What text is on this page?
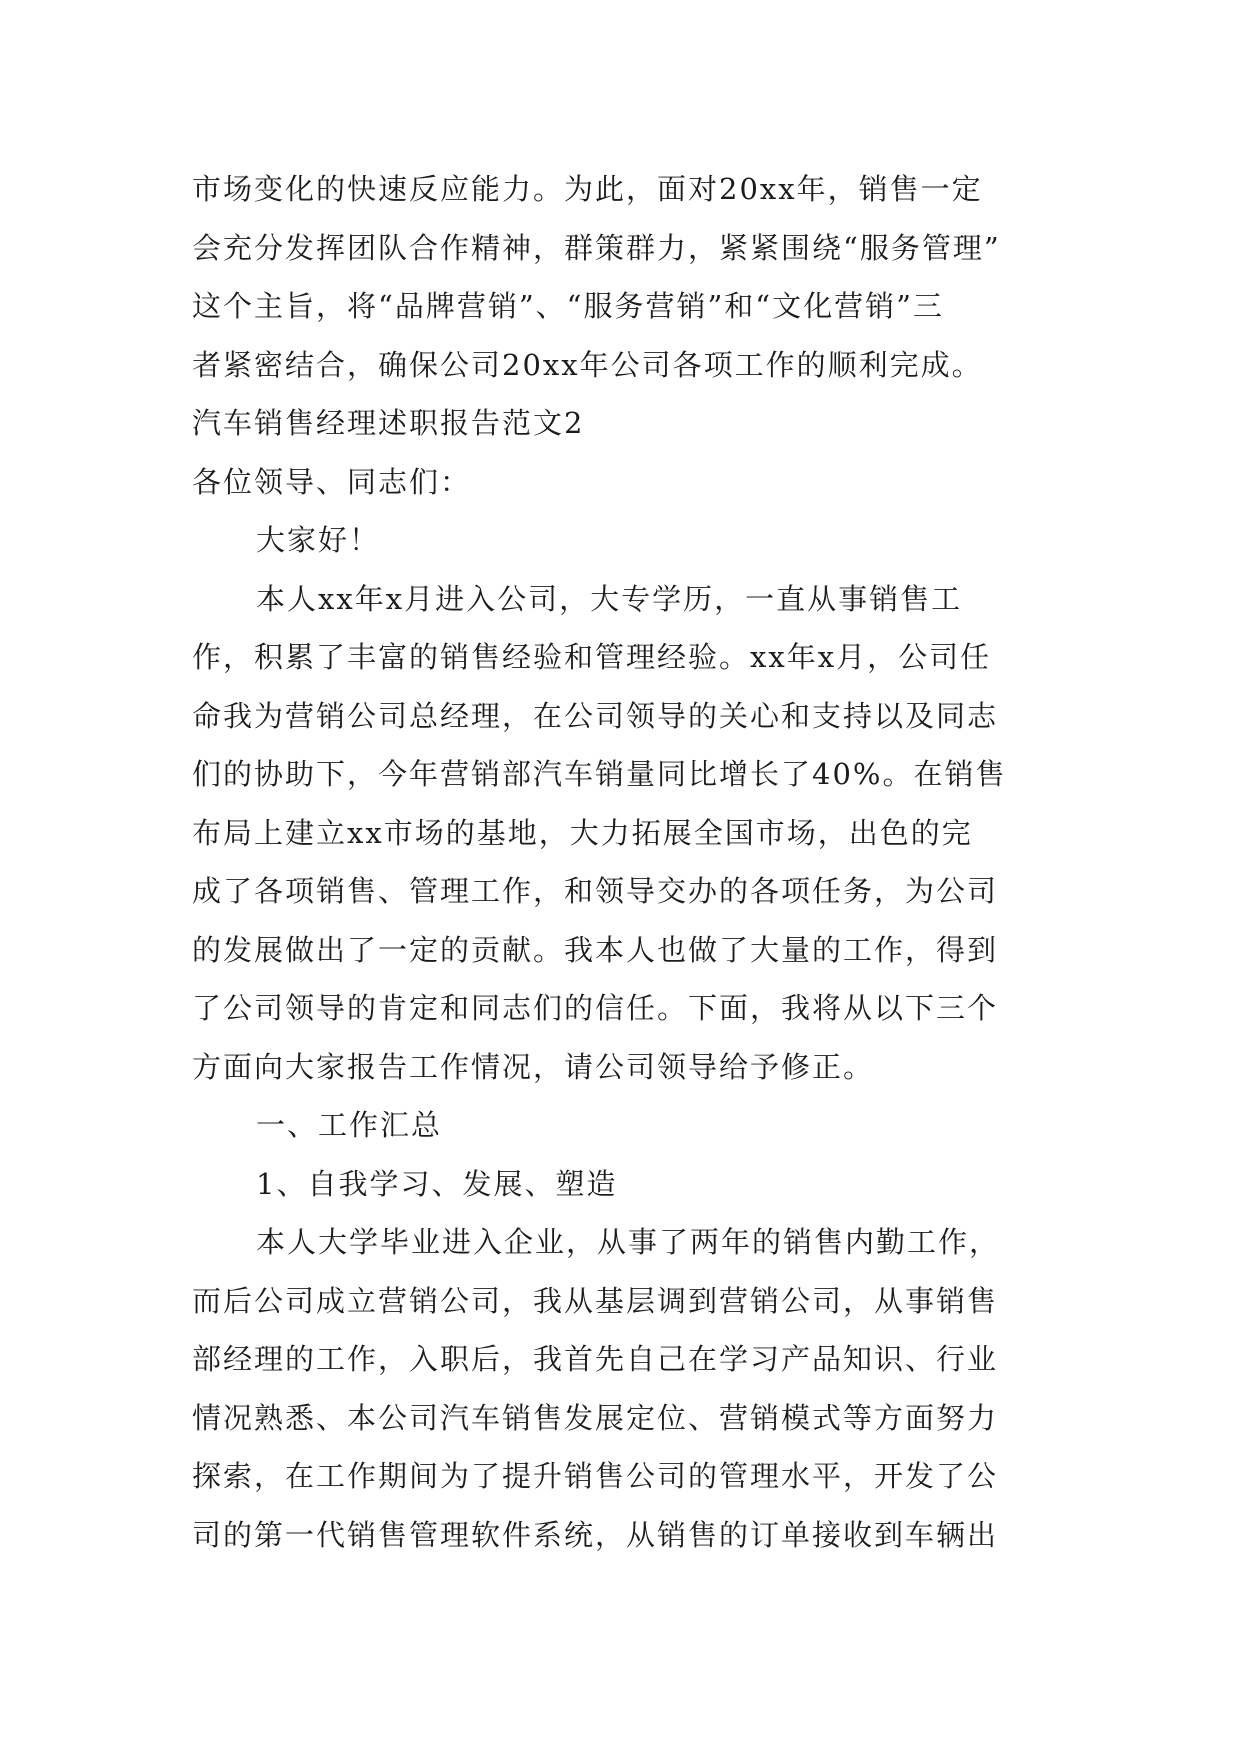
市场变化的快速反应能力。为此，面对20xx年，销售一定
会充分发挥团队合作精神，群策群力，紧紧围绕“服务管理”
这个主旨，将“品牌营销”、“服务营销”和“文化营销”三
者紧密结合，确保公司20xx年公司各项工作的顺利完成。
汽车销售经理述职报告范文2
各位领导、同志们：
大家好！
本人xx年x月进入公司，大专学历，一直从事销售工
作，积累了丰富的销售经验和管理经验。xx年x月，公司任
命我为营销公司总经理，在公司领导的关心和支持以及同志
们的协助下，今年营销部汽车销量同比增长了40%。在销售
布局上建立xx市场的基地，大力拓展全国市场，出色的完
成了各项销售、管理工作，和领导交办的各项任务，为公司
的发展做出了一定的贡献。我本人也做了大量的工作，得到
了公司领导的肯定和同志们的信任。下面，我将从以下三个
方面向大家报告工作情况，请公司领导给予修正。
一、工作汇总
1、自我学习、发展、塑造
本人大学毕业进入企业，从事了两年的销售内勤工作，
而后公司成立营销公司，我从基层调到营销公司，从事销售
部经理的工作，入职后，我首先自己在学习产品知识、行业
情况熟悉、本公司汽车销售发展定位、营销模式等方面努力
探索，在工作期间为了提升销售公司的管理水平，开发了公
司的第一代销售管理软件系统，从销售的订单接收到车辆出
